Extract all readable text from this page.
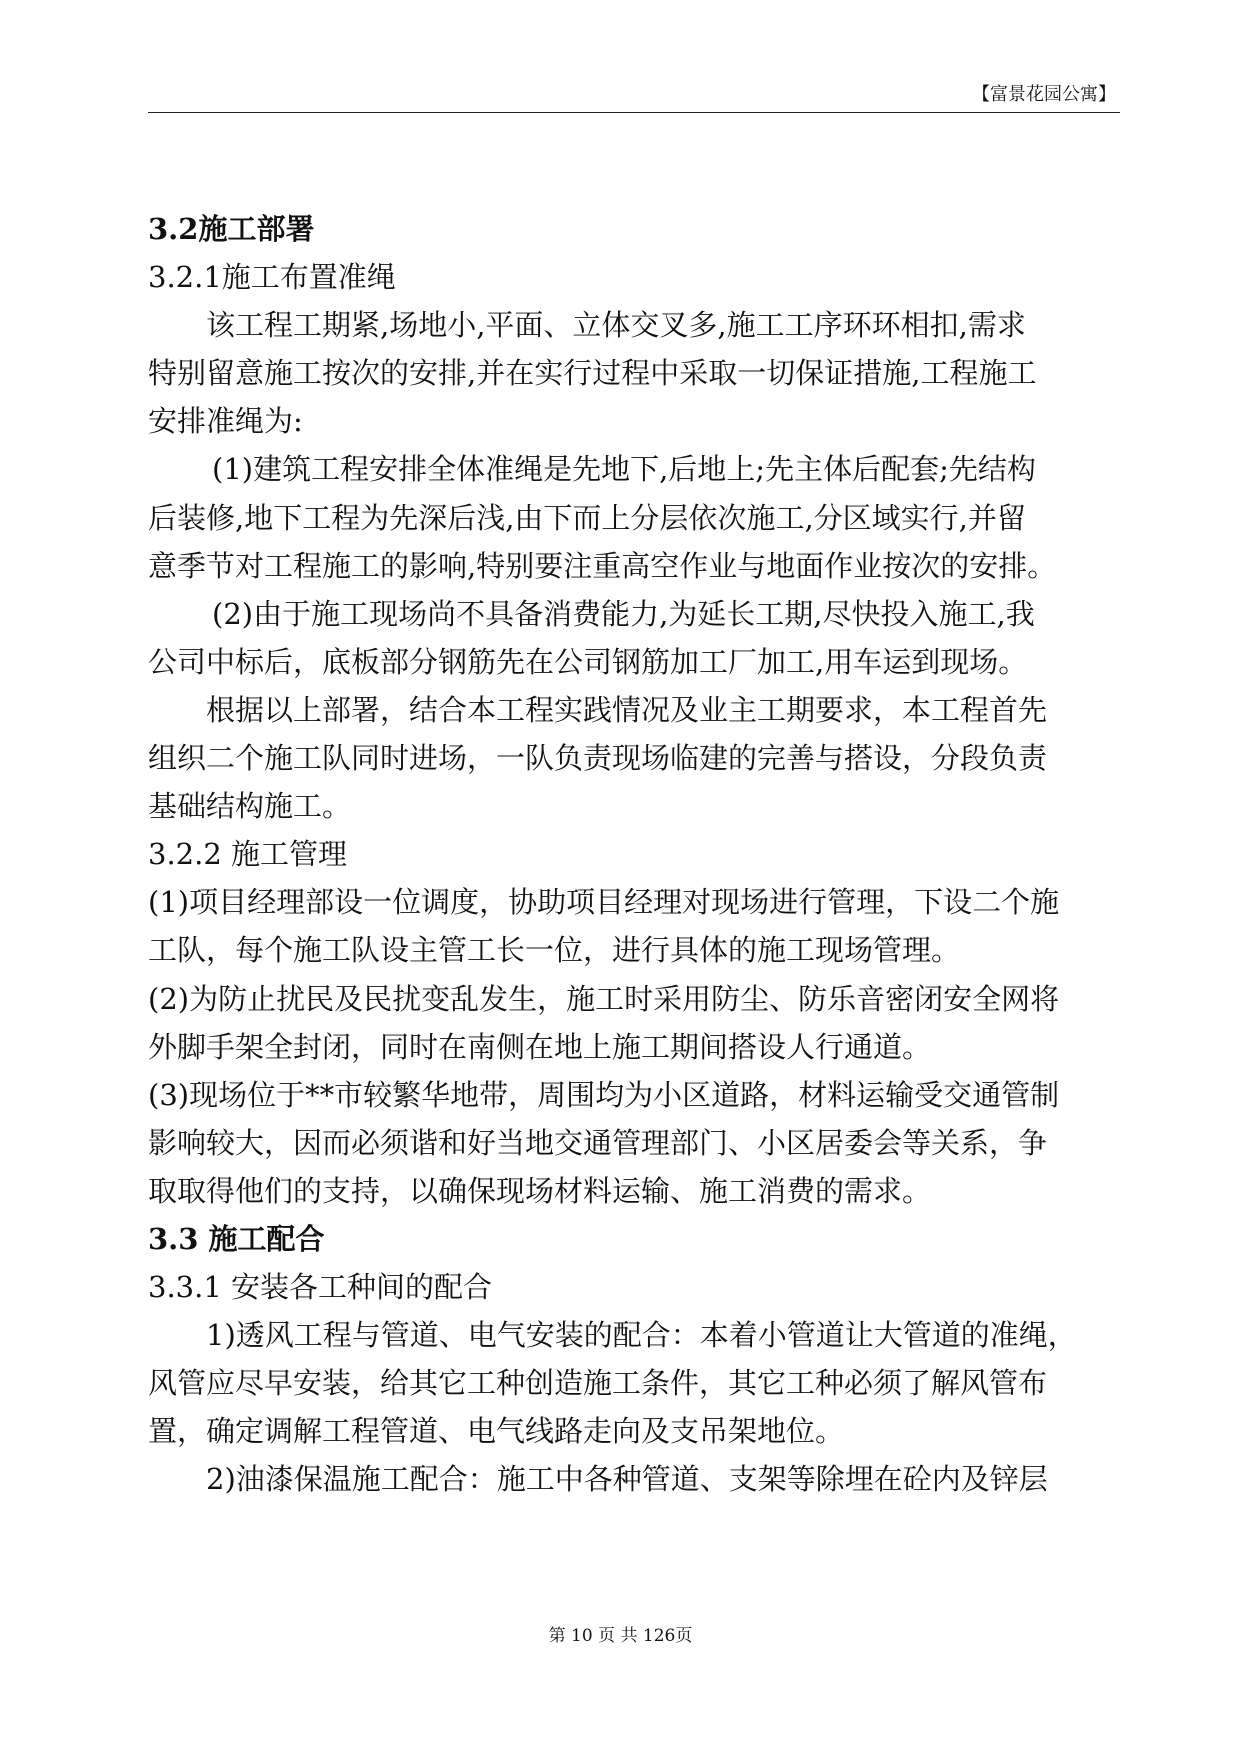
【富景花园公寓】
3.2施工部署
3.2.1施工布置准绳
该工程工期紧,场地小,平面、立体交叉多,施工工序环环相扣,需求
特别留意施工按次的安排,并在实行过程中采取一切保证措施,工程施工
安排准绳为:
(1)建筑工程安排全体准绳是先地下,后地上;先主体后配套;先结构
后装修,地下工程为先深后浅,由下而上分层依次施工,分区域实行,并留
意季节对工程施工的影响,特别要注重高空作业与地面作业按次的安排。
(2)由于施工现场尚不具备消费能力,为延长工期,尽快投入施工,我
公司中标后，底板部分钢筋先在公司钢筋加工厂加工,用车运到现场。
根据以上部署，结合本工程实践情况及业主工期要求，本工程首先
组织二个施工队同时进场，一队负责现场临建的完善与搭设，分段负责
基础结构施工。
3.2.2 施工管理
(1)项目经理部设一位调度，协助项目经理对现场进行管理，下设二个施
工队，每个施工队设主管工长一位，进行具体的施工现场管理。
(2)为防止扰民及民扰变乱发生，施工时采用防尘、防乐音密闭安全网将
外脚手架全封闭，同时在南侧在地上施工期间搭设人行通道。
(3)现场位于**市较繁华地带，周围均为小区道路，材料运输受交通管制
影响较大，因而必须谐和好当地交通管理部门、小区居委会等关系，争
取取得他们的支持，以确保现场材料运输、施工消费的需求。
3.3 施工配合
3.3.1 安装各工种间的配合
1)透风工程与管道、电气安装的配合：本着小管道让大管道的准绳，
风管应尽早安装，给其它工种创造施工条件，其它工种必须了解风管布
置，确定调解工程管道、电气线路走向及支吊架地位。
2)油漆保温施工配合：施工中各种管道、支架等除埋在砼内及锌层
第 10 页 共 126页
